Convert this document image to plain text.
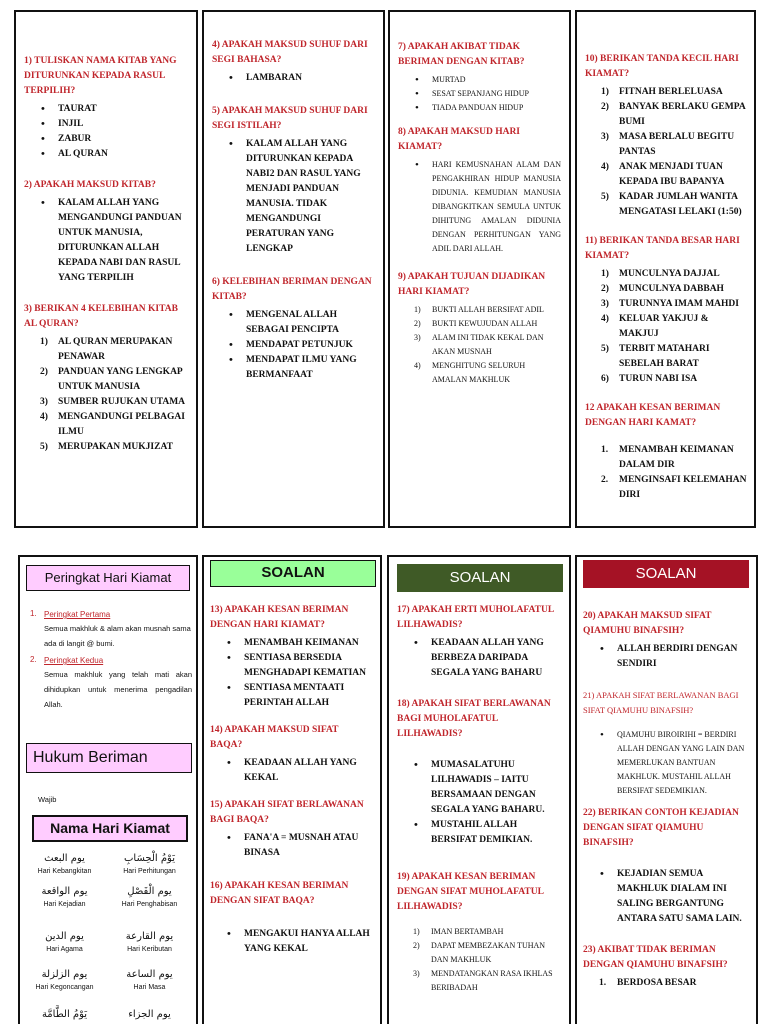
1) TULISKAN NAMA KITAB YANG DITURUNKAN KEPADA RASUL TERPILIH?

• TAURAT
• INJIL
• ZABUR
• AL QURAN

2) APAKAH MAKSUD KITAB?

• KALAM ALLAH YANG MENGANDUNGI PANDUAN UNTUK MANUSIA, DITURUNKAN ALLAH KEPADA NABI DAN RASUL YANG TERPILIH

3) BERIKAN 4 KELEBIHAN KITAB AL QURAN?

1) AL QURAN MERUPAKAN PENAWAR
2) PANDUAN YANG LENGKAP UNTUK MANUSIA
3) SUMBER RUJUKAN UTAMA
4) MENGANDUNGI PELBAGAI ILMU
5) MERUPAKAN MUKJIZAT

4) APAKAH MAKSUD SUHUF DARI SEGI BAHASA?

• LAMBARAN

5) APAKAH MAKSUD SUHUF DARI SEGI ISTILAH?

• KALAM ALLAH YANG DITURUNKAN KEPADA NABI2 DAN RASUL YANG MENJADI PANDUAN MANUSIA. TIDAK MENGANDUNGI PERATURAN YANG LENGKAP

6) KELEBIHAN BERIMAN DENGAN KITAB?

• MENGENAL ALLAH SEBAGAI PENCIPTA
• MENDAPAT PETUNJUK
• MENDAPAT ILMU YANG BERMANFAAT

7) APAKAH AKIBAT TIDAK BERIMAN DENGAN KITAB?

• MURTAD
• SESAT SEPANJANG HIDUP
• TIADA PANDUAN HIDUP

8) APAKAH MAKSUD HARI KIAMAT?

• HARI KEMUSNAHAN ALAM DAN PENGAKHIRAN HIDUP MANUSIA DIDUNIA. KEMUDIAN MANUSIA DIBANGKITKAN SEMULA UNTUK DIHITUNG AMALAN DIDUNIA DENGAN PERHITUNGAN YANG ADIL DARI ALLAH.

9) APAKAH TUJUAN DIJADIKAN HARI KIAMAT?

1) BUKTI ALLAH BERSIFAT ADIL
2) BUKTI KEWUJUDAN ALLAH
3) ALAM INI TIDAK KEKAL DAN AKAN MUSNAH
4) MENGHITUNG SELURUH AMALAN MAKHLUK

10) BERIKAN TANDA KECIL HARI KIAMAT?

1) FITNAH BERLELUASA
2) BANYAK BERLAKU GEMPA BUMI
3) MASA BERLALU BEGITU PANTAS
4) ANAK MENJADI TUAN KEPADA IBU BAPANYA
5) KADAR JUMLAH WANITA MENGATASI LELAKI (1:50)

11) BERIKAN TANDA BESAR HARI KIAMAT?

1) MUNCULNYA DAJJAL
2) MUNCULNYA DABBAH
3) TURUNNYA IMAM MAHDI
4) KELUAR YAKJUJ & MAKJUJ
5) TERBIT MATAHARI SEBELAH BARAT
6) TURUN NABI ISA

12 APAKAH KESAN BERIMAN DENGAN HARI KAMAT?

1. MENAMBAH KEIMANAN DALAM DIR
2. MENGINSAFI KELEMAHAN DIRI
Peringkat Hari Kiamat
1. Peringkat Pertama
Semua makhluk & alam akan musnah sama ada di langit @ bumi.
2. Peringkat Kedua
Semua makhluk yang telah mati akan dihidupkan untuk menerima pengadilan Allah.
Hukum Beriman
Wajib
Nama Hari Kiamat
يوم البعث
Hari Kebangkitan
يَوْمُ الْحِسَابِ
Hari Perhitungan
يوم الواقعة
Hari Kejadian
يوم الْفَصْلِ
Hari Penghabisan
يوم الدين
Hari Agama
يوم القارعة
Hari Keributan
يوم الزلزلة
Hari Kegoncangan
يوم الساعة
Hari Masa
يَوْمُ الطَّامَّة	يوم الجزاء
SOALAN

13) APAKAH KESAN BERIMAN DENGAN HARI KIAMAT?

• MENAMBAH KEIMANAN
• SENTIASA BERSEDIA MENGHADAPI KEMATIAN
• SENTIASA MENTAATI PERINTAH ALLAH

14) APAKAH MAKSUD SIFAT BAQA?

• KEADAAN ALLAH YANG KEKAL

15) APAKAH SIFAT BERLAWANAN BAGI BAQA?

• FANA'A = MUSNAH ATAU BINASA

16) APAKAH KESAN BERIMAN DENGAN SIFAT BAQA?

• MENGAKUI HANYA ALLAH YANG KEKAL
SOALAN

17) APAKAH ERTI MUHOLAFATUL LILHAWADIS?

• KEADAAN ALLAH YANG BERBEZA DARIPADA SEGALA YANG BAHARU

18) APAKAH SIFAT BERLAWANAN BAGI MUHOLAFATUL LILHAWADIS?

• MUMASALATUHU LILHAWADIS – IAITU BERSAMAAN DENGAN SEGALA YANG BAHARU.
• MUSTAHIL ALLAH BERSIFAT DEMIKIAN.

19) APAKAH KESAN BERIMAN DENGAN SIFAT MUHOLAFATUL LILHAWADIS?

1) IMAN BERTAMBAH
2) DAPAT MEMBEZAKAN TUHAN DAN MAKHLUK
3) MENDATANGKAN RASA IKHLAS BERIBADAH
SOALAN

20) APAKAH MAKSUD SIFAT QIAMUHU BINAFSIH?

• ALLAH BERDIRI DENGAN SENDIRI

21) APAKAH SIFAT BERLAWANAN BAGI SIFAT QIAMUHU BINAFSIH?

• QIAMUHU BIROIRIHI = BERDIRI ALLAH DENGAN YANG LAIN DAN MEMERLUKAN BANTUAN MAKHLUK. MUSTAHIL ALLAH BERSIFAT SEDEMIKIAN.

22) BERIKAN CONTOH KEJADIAN DENGAN SIFAT QIAMUHU BINAFSIH?

• KEJADIAN SEMUA MAKHLUK DIALAM INI SALING BERGANTUNG ANTARA SATU SAMA LAIN.

23) AKIBAT TIDAK BERIMAN DENGAN QIAMUHU BINAFSIH?

1. BERDOSA BESAR
